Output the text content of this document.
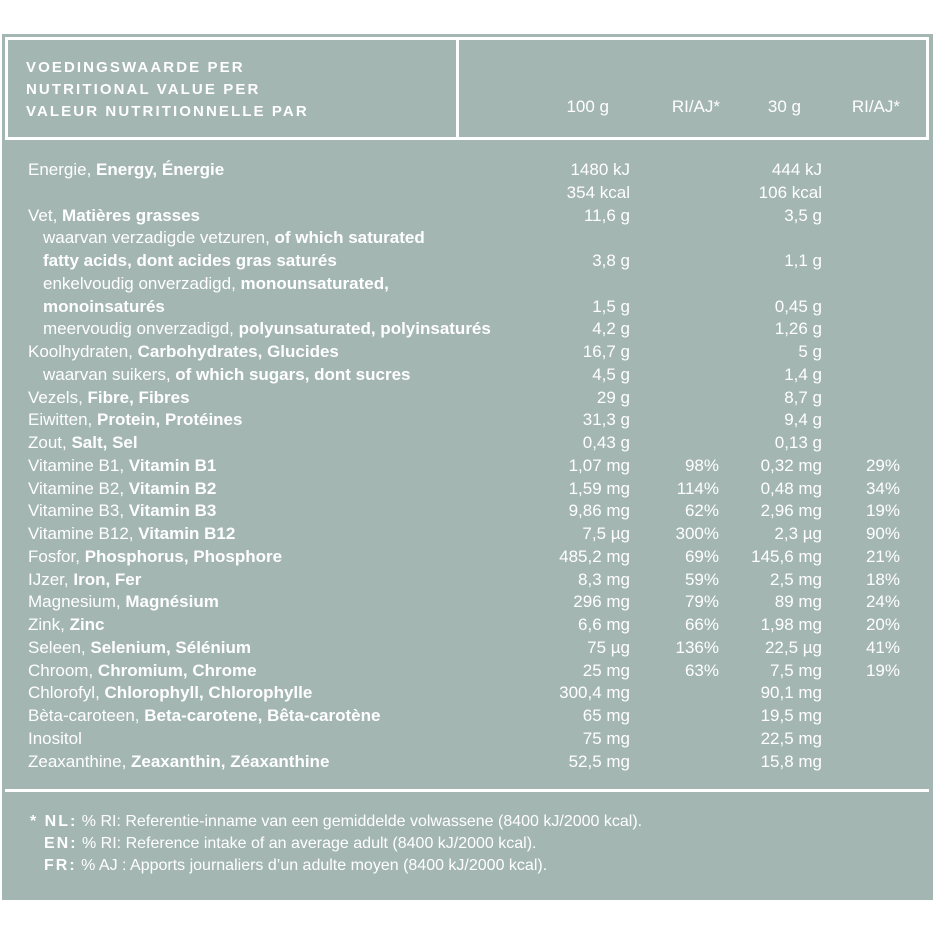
VOEDINGSWAARDE PER
NUTRITIONAL VALUE PER
VALEUR NUTRITIONNELLE PAR	100 g	RI/AJ*	30 g	RI/AJ*
Energie, Energy, Énergie	1480 kJ	444 kJ
354 kcal	106 kcal
Vet, Matières grasses	11,6 g	3,5 g
waarvan verzadigde vetzuren, of which saturated
fatty acids, dont acides gras saturés	3,8 g	1,1 g
enkelvoudig onverzadigd, monounsaturated,
monoinsaturés	1,5 g	0,45 g
meervoudig onverzadigd, polyunsaturated, polyinsaturés	4,2 g	1,26 g
Koolhydraten, Carbohydrates, Glucides	16,7 g	5 g
waarvan suikers, of which sugars, dont sucres	4,5 g	1,4 g
Vezels, Fibre, Fibres	29 g	8,7 g
Eiwitten, Protein, Protéines	31,3 g	9,4 g
Zout, Salt, Sel	0,43 g	0,13 g
Vitamine B1, Vitamin B1	1,07 mg	98% 0,32 mg	29%
Vitamine B2, Vitamin B2	1,59 mg	114% 0,48 mg	34%
Vitamine B3, Vitamin B3	9,86 mg	62% 2,96 mg	19%
Vitamine B12, Vitamin B12	7,5 µg	300%	2,3 µg	90%
Fosfor, Phosphorus, Phosphore	485,2 mg	69% 145,6 mg	21%
IJzer, Iron, Fer	8,3 mg	59%	2,5 mg	18%
Magnesium, Magnésium	296 mg	79%	89 mg	24%
Zink, Zinc	6,6 mg	66% 1,98 mg	20%
Seleen, Selenium, Sélénium	75 µg	136%	22,5 µg	41%
Chroom, Chromium, Chrome	25 mg	63%	7,5 mg	19%
Chlorofyl, Chlorophyll, Chlorophylle	300,4 mg	90,1 mg
Bèta-caroteen, Beta-carotene, Bêta-carotène	65 mg	19,5 mg
Inositol	75 mg	22,5 mg
Zeaxanthine, Zeaxanthin, Zéaxanthine	52,5 mg	15,8 mg
* NL: % RI: Referentie-inname van een gemiddelde volwassene (8400 kJ/2000 kcal).
EN: % RI: Reference intake of an average adult (8400 kJ/2000 kcal).
FR: % AJ : Apports journaliers d’un adulte moyen (8400 kJ/2000 kcal).
